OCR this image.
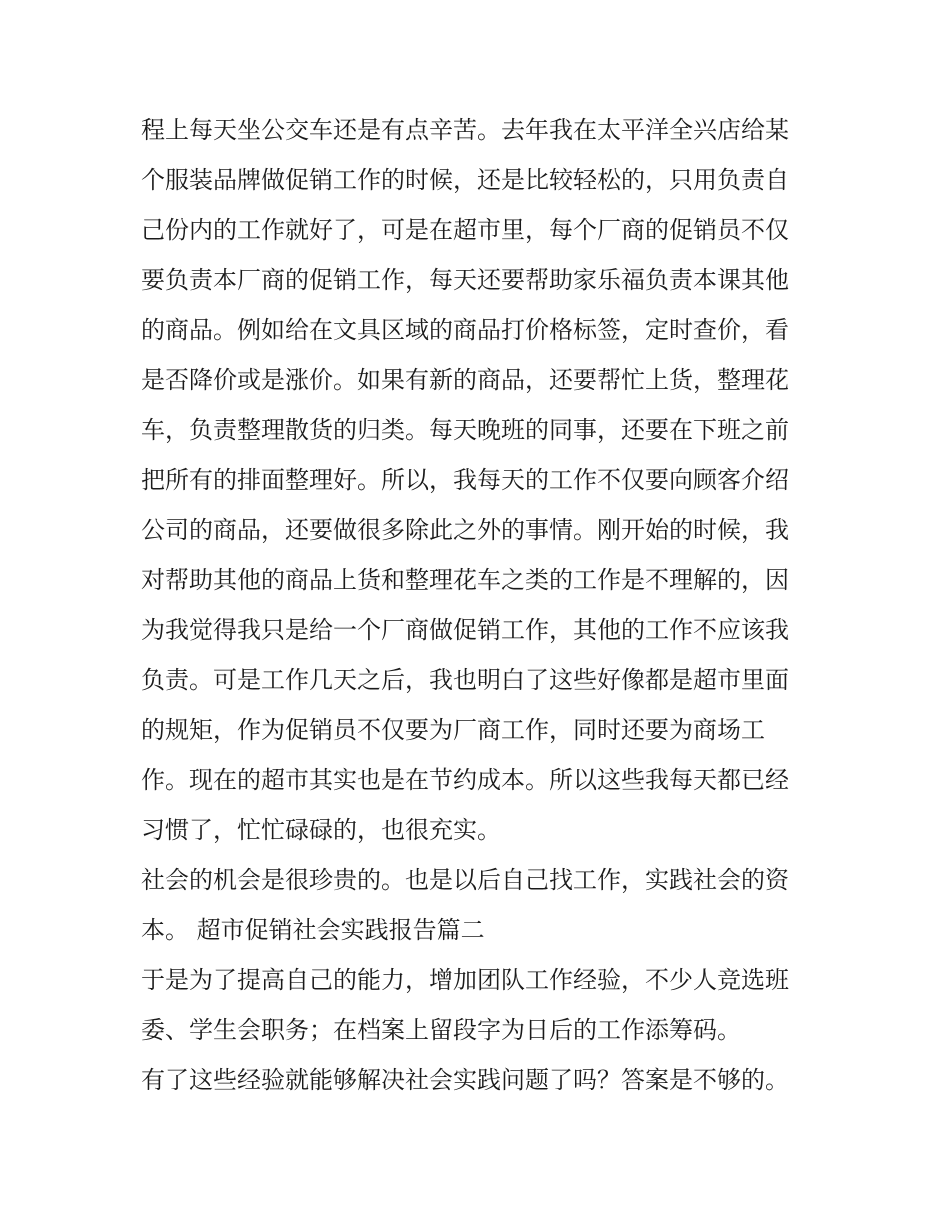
程上每天坐公交车还是有点辛苦。去年我在太平洋全兴店给某
个服装品牌做促销工作的时候，还是比较轻松的，只用负责自
己份内的工作就好了，可是在超市里，每个厂商的促销员不仅
要负责本厂商的促销工作，每天还要帮助家乐福负责本课其他
的商品。例如给在文具区域的商品打价格标签，定时查价，看
是否降价或是涨价。如果有新的商品，还要帮忙上货，整理花
车，负责整理散货的归类。每天晚班的同事，还要在下班之前
把所有的排面整理好。所以，我每天的工作不仅要向顾客介绍
公司的商品，还要做很多除此之外的事情。刚开始的时候，我
对帮助其他的商品上货和整理花车之类的工作是不理解的，因
为我觉得我只是给一个厂商做促销工作，其他的工作不应该我
负责。可是工作几天之后，我也明白了这些好像都是超市里面
的规矩，作为促销员不仅要为厂商工作，同时还要为商场工
作。现在的超市其实也是在节约成本。所以这些我每天都已经
习惯了，忙忙碌碌的，也很充实。
社会的机会是很珍贵的。也是以后自己找工作，实践社会的资
本。 超市促销社会实践报告篇二
于是为了提高自己的能力，增加团队工作经验，不少人竞选班
委、学生会职务；在档案上留段字为日后的工作添筹码。
有了这些经验就能够解决社会实践问题了吗？答案是不够的。
